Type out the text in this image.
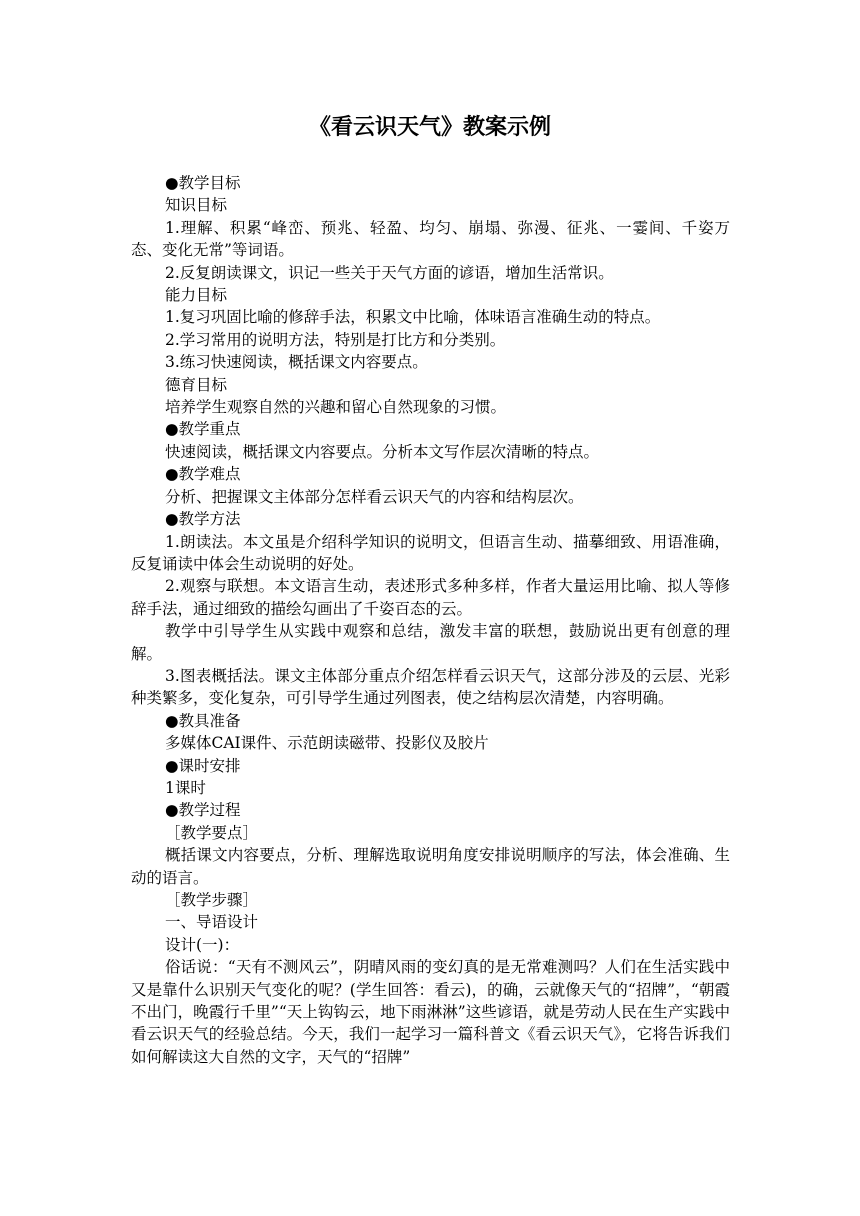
《看云识天气》教案示例

●教学目标

知识目标

1.理解、积累“峰峦、预兆、轻盈、均匀、崩塌、弥漫、征兆、一霎间、千姿万态、变化无常”等词语。

2.反复朗读课文，识记一些关于天气方面的谚语，增加生活常识。

能力目标

1.复习巩固比喻的修辞手法，积累文中比喻，体味语言准确生动的特点。

2.学习常用的说明方法，特别是打比方和分类别。

3.练习快速阅读，概括课文内容要点。

德育目标

培养学生观察自然的兴趣和留心自然现象的习惯。

●教学重点

快速阅读，概括课文内容要点。分析本文写作层次清晰的特点。

●教学难点

分析、把握课文主体部分怎样看云识天气的内容和结构层次。

●教学方法

1.朗读法。本文虽是介绍科学知识的说明文，但语言生动、描摹细致、用语准确，反复诵读中体会生动说明的好处。

2.观察与联想。本文语言生动，表述形式多种多样，作者大量运用比喻、拟人等修辞手法，通过细致的描绘勾画出了千姿百态的云。

教学中引导学生从实践中观察和总结，激发丰富的联想，鼓励说出更有创意的理解。

3.图表概括法。课文主体部分重点介绍怎样看云识天气，这部分涉及的云层、光彩种类繁多，变化复杂，可引导学生通过列图表，使之结构层次清楚，内容明确。

●教具准备

多媒体CAI课件、示范朗读磁带、投影仪及胶片

●课时安排

1课时

●教学过程

［教学要点］

概括课文内容要点，分析、理解选取说明角度安排说明顺序的写法，体会准确、生动的语言。

［教学步骤］

一、导语设计

设计(一)：

俗话说：“天有不测风云”，阴晴风雨的变幻真的是无常难测吗？人们在生活实践中又是靠什么识别天气变化的呢？(学生回答：看云)，的确，云就像天气的“招牌”，“朝霞不出门，晚霞行千里”“天上钩钩云，地下雨淋淋”这些谚语，就是劳动人民在生产实践中看云识天气的经验总结。今天，我们一起学习一篇科普文《看云识天气》，它将告诉我们如何解读这大自然的文字，天气的“招牌”
